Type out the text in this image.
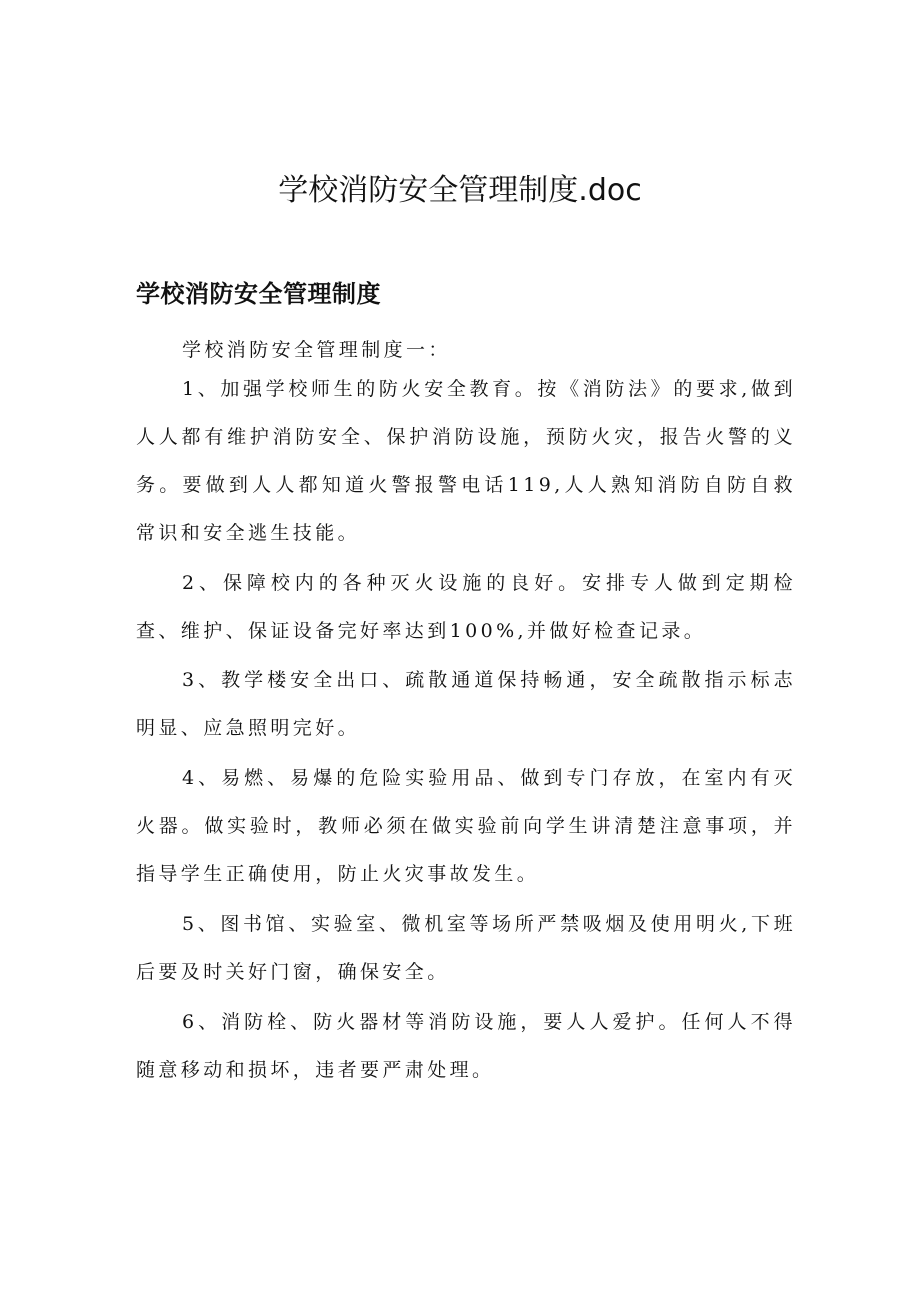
学校消防安全管理制度.doc
学校消防安全管理制度

学校消防安全管理制度一：

1、加强学校师生的防火安全教育。按《消防法》的要求,做到人人都有维护消防安全、保护消防设施，预防火灾，报告火警的义务。要做到人人都知道火警报警电话119,人人熟知消防自防自救常识和安全逃生技能。

2、保障校内的各种灭火设施的良好。安排专人做到定期检查、维护、保证设备完好率达到100%,并做好检查记录。

3、教学楼安全出口、疏散通道保持畅通，安全疏散指示标志明显、应急照明完好。

4、易燃、易爆的危险实验用品、做到专门存放，在室内有灭火器。做实验时，教师必须在做实验前向学生讲清楚注意事项，并指导学生正确使用，防止火灾事故发生。

5、图书馆、实验室、微机室等场所严禁吸烟及使用明火,下班后要及时关好门窗，确保安全。

6、消防栓、防火器材等消防设施，要人人爱护。任何人不得随意移动和损坏，违者要严肃处理。
